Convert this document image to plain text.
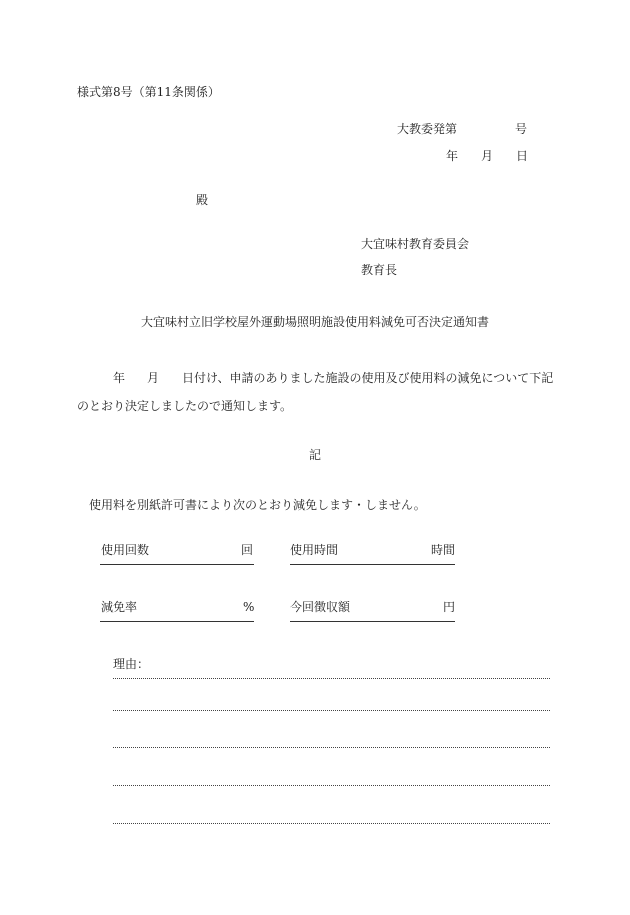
様式第8号（第11条関係）
大教委発第	号
年 月 日
殿
大宜味村教育委員会
教育長
大宜味村立旧学校屋外運動場照明施設使用料減免可否決定通知書
年 月 日付け、申請のありました施設の使用及び使用料の減免について下記
のとおり決定しましたので通知します。
記
使用料を別紙許可書により次のとおり減免します・しません。
使用回数	回	使用時間	時間
減免率	%	今回徴収額	円
理由：
